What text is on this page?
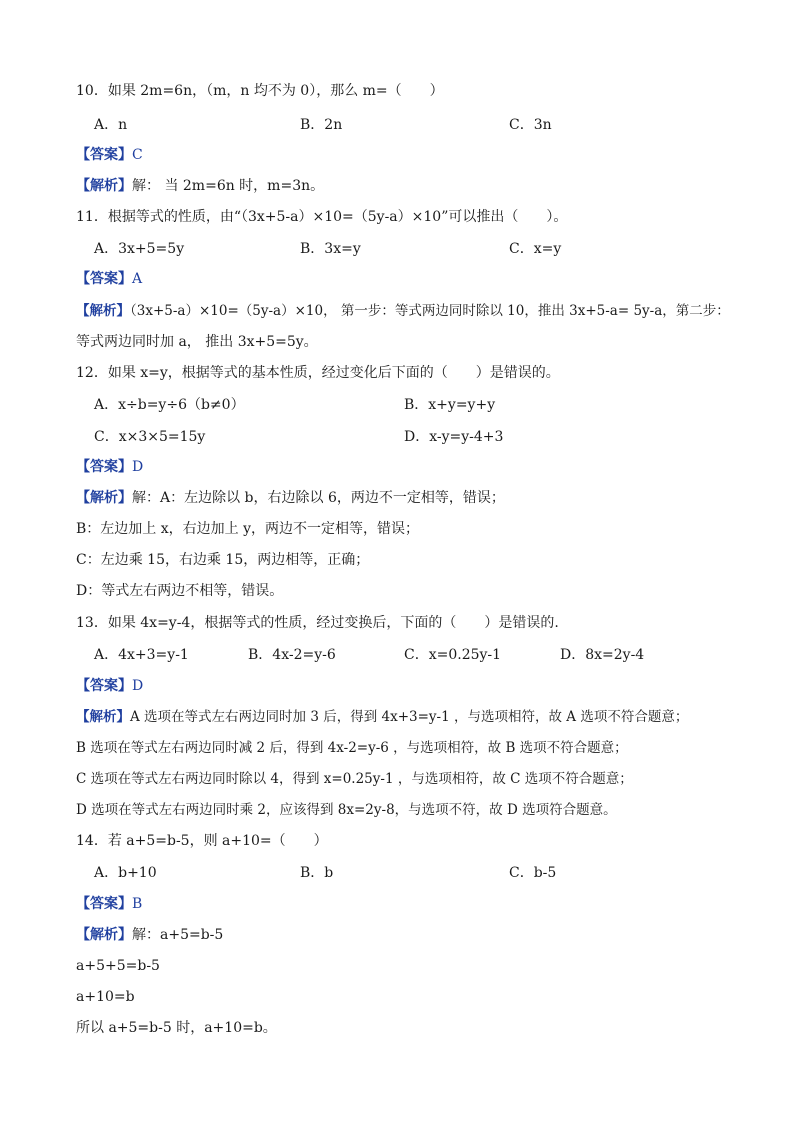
10．如果 2m=6n，（m，n 均不为 0），那么 m=（　　）
A．n	B．2n	C．3n
【答案】C
【解析】解： 当 2m=6n 时，m=3n。
11．根据等式的性质，由“（3x+5-a）×10=（5y-a）×10”可以推出（　　）。
A．3x+5=5y	B．3x=y	C．x=y
【答案】A
【解析】（3x+5-a）×10=（5y-a）×10， 第一步：等式两边同时除以 10，推出 3x+5-a= 5y-a，第二步：
等式两边同时加 a， 推出 3x+5=5y。
12．如果 x=y，根据等式的基本性质，经过变化后下面的（　　）是错误的。
A．x÷b=y÷6（b≠0）	B．x+y=y+y
C．x×3×5=15y	D．x-y=y-4+3
【答案】D
【解析】解：A：左边除以 b，右边除以 6，两边不一定相等，错误；
B：左边加上 x，右边加上 y，两边不一定相等，错误；
C：左边乘 15，右边乘 15，两边相等，正确；
D：等式左右两边不相等，错误。
13．如果 4x=y-4，根据等式的性质，经过变换后，下面的（　　）是错误的.
A．4x+3=y-1	B．4x-2=y-6	C．x=0.25y-1	D．8x=2y-4
【答案】D
【解析】A 选项在等式左右两边同时加 3 后，得到 4x+3=y-1 ，与选项相符，故 A 选项不符合题意；
B 选项在等式左右两边同时减 2 后，得到 4x-2=y-6 ，与选项相符，故 B 选项不符合题意；
C 选项在等式左右两边同时除以 4，得到 x=0.25y-1 ，与选项相符，故 C 选项不符合题意；
D 选项在等式左右两边同时乘 2，应该得到 8x=2y-8，与选项不符，故 D 选项符合题意。
14．若 a+5=b-5，则 a+10=（　　）
A．b+10	B．b	C．b-5
【答案】B
【解析】解：a+5=b-5
a+5+5=b-5
a+10=b
所以 a+5=b-5 时，a+10=b。
